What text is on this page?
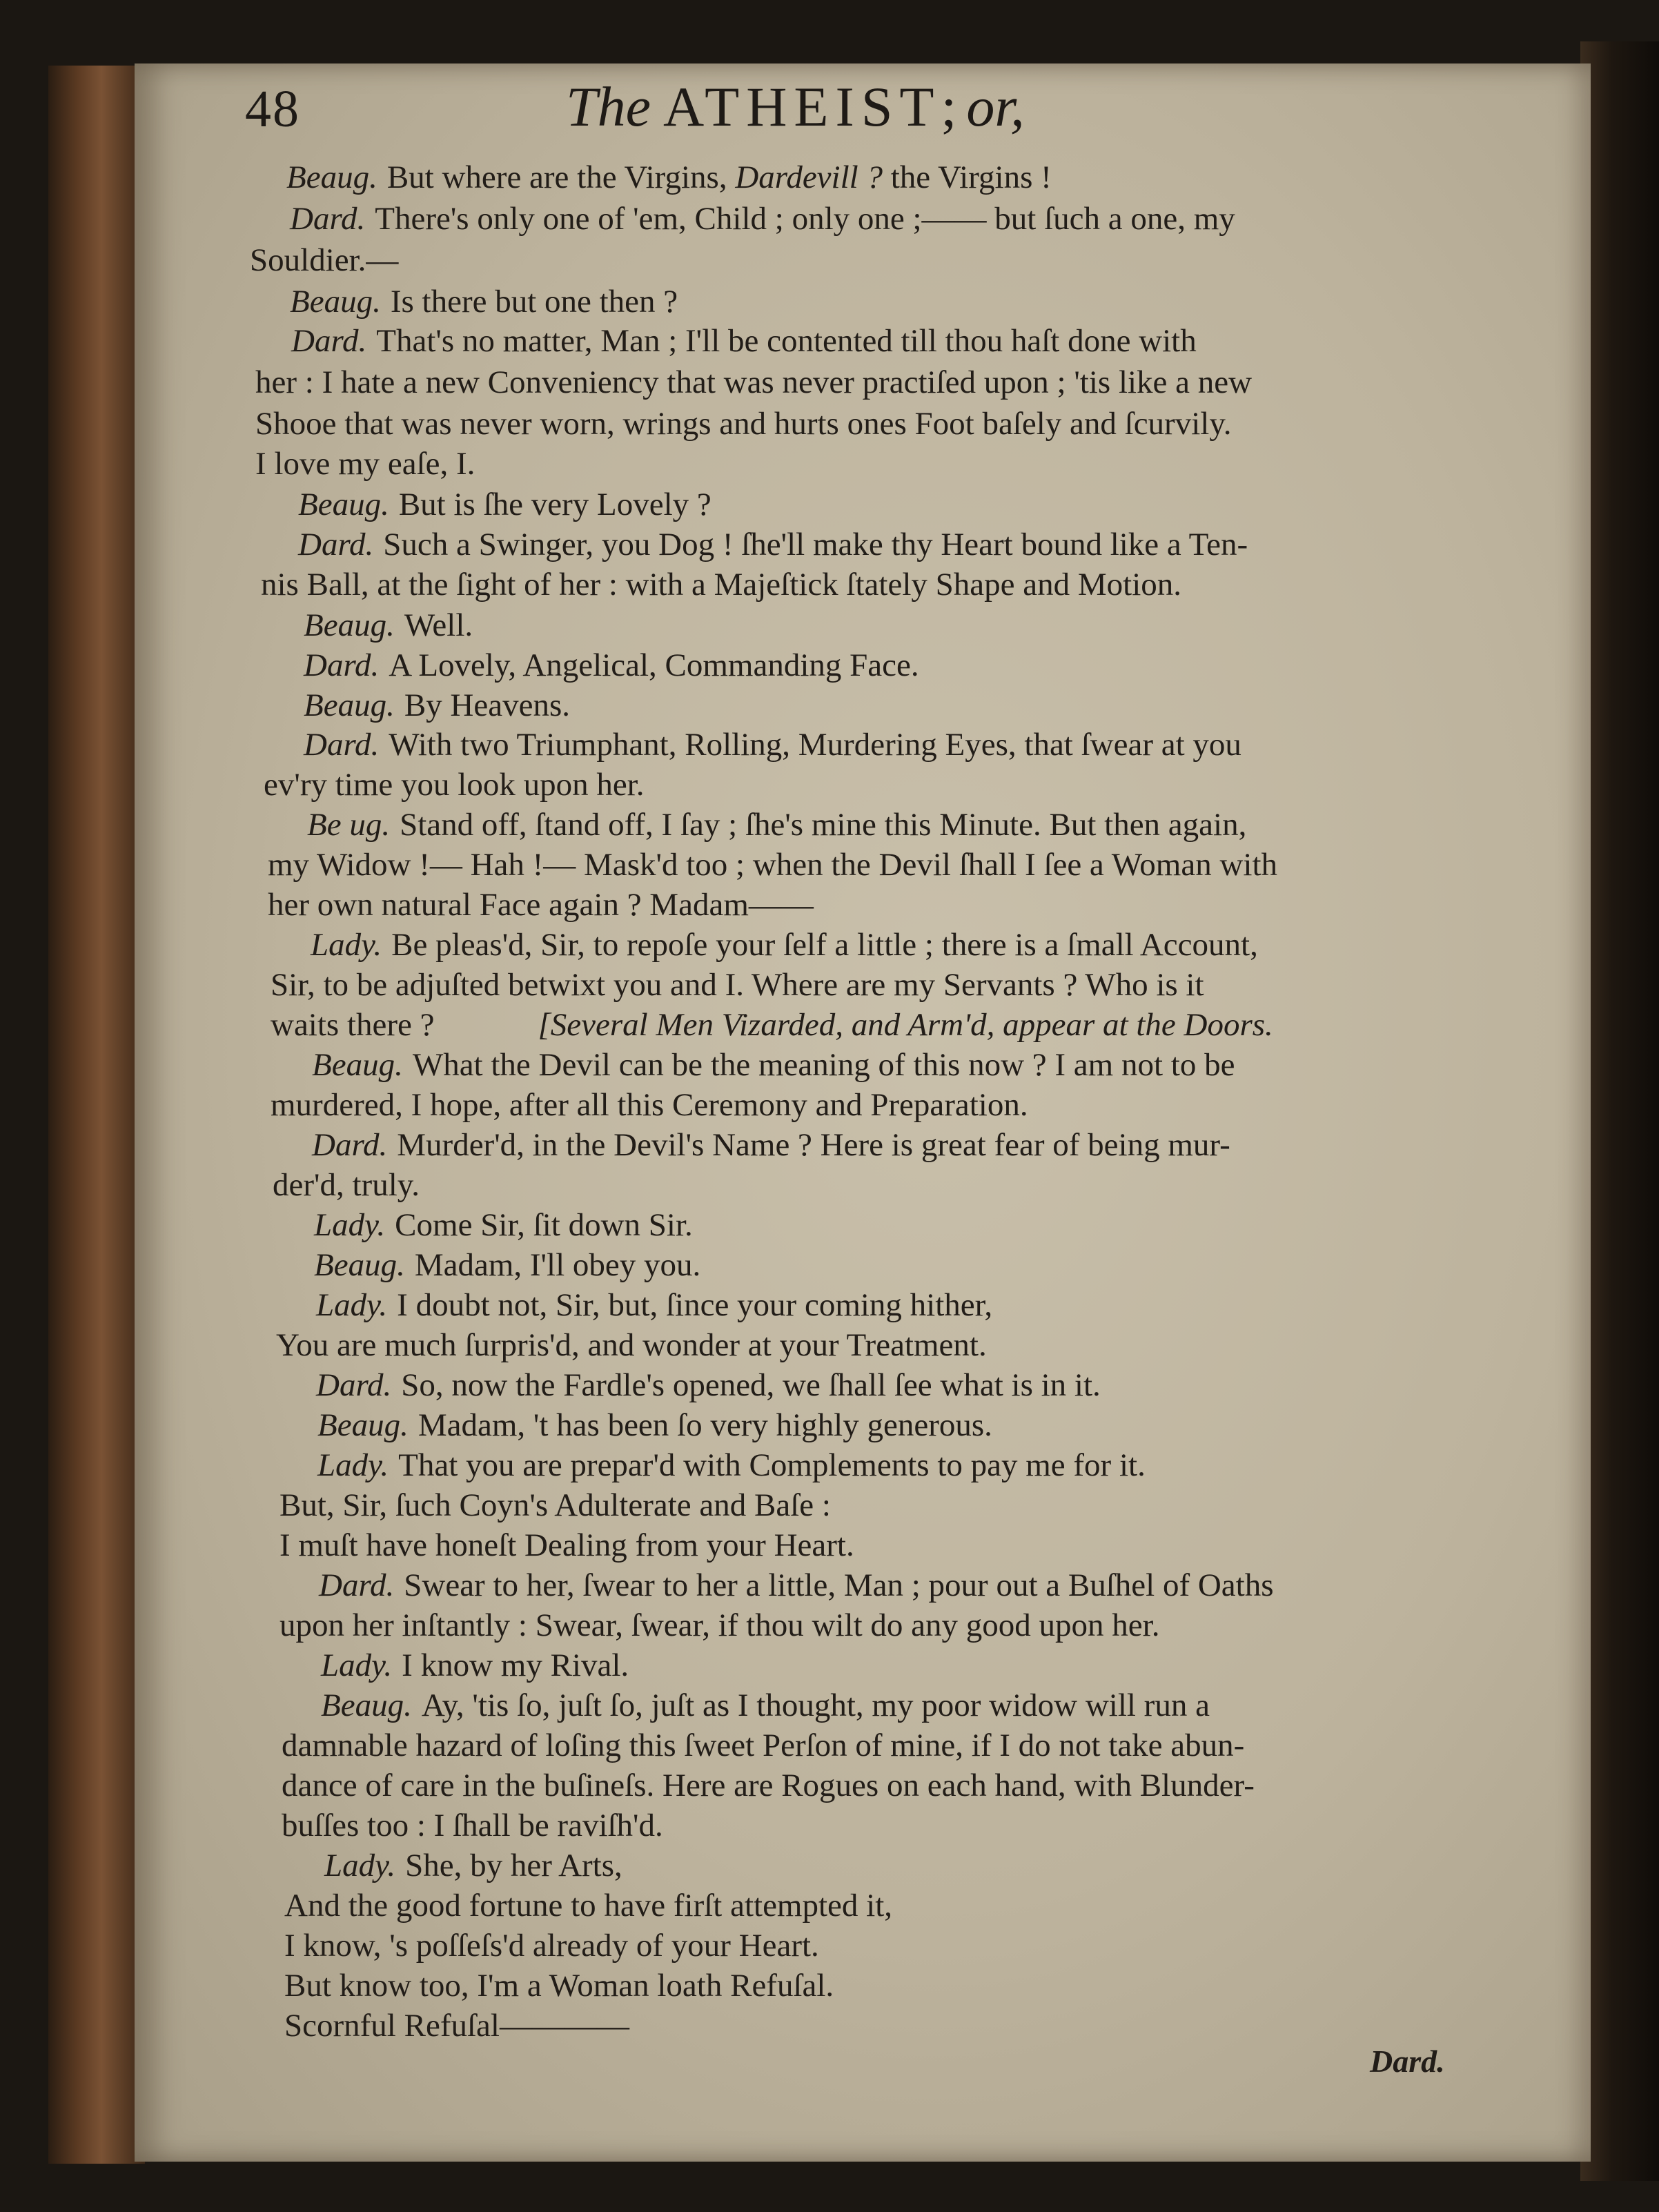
48	The ATHEIST; or,
Beaug. But where are the Virgins, Dardevill ? the Virgins !
Dard. There's only one of 'em, Child ; only one ;—— but ſuch a one, my
Souldier.—
Beaug. Is there but one then ?
Dard. That's no matter, Man ; I'll be contented till thou haſt done with
her : I hate a new Conveniency that was never practiſed upon ; 'tis like a new
Shooe that was never worn, wrings and hurts ones Foot baſely and ſcurvily.
I love my eaſe, I.
Beaug. But is ſhe very Lovely ?
Dard. Such a Swinger, you Dog ! ſhe'll make thy Heart bound like a Ten-
nis Ball, at the ſight of her : with a Majeſtick ſtately Shape and Motion.
Beaug. Well.
Dard. A Lovely, Angelical, Commanding Face.
Beaug. By Heavens.
Dard. With two Triumphant, Rolling, Murdering Eyes, that ſwear at you
ev'ry time you look upon her.
Be ug. Stand off, ſtand off, I ſay ; ſhe's mine this Minute. But then again,
my Widow !— Hah !— Mask'd too ; when the Devil ſhall I ſee a Woman with
her own natural Face again ? Madam——
Lady. Be pleas'd, Sir, to repoſe your ſelf a little ; there is a ſmall Account,
Sir, to be adjuſted betwixt you and I. Where are my Servants ? Who is it
waits there ?	[Several Men Vizarded, and Arm'd, appear at the Doors.
Beaug. What the Devil can be the meaning of this now ? I am not to be
murdered, I hope, after all this Ceremony and Preparation.
Dard. Murder'd, in the Devil's Name ? Here is great fear of being mur-
der'd, truly.
Lady. Come Sir, ſit down Sir.
Beaug. Madam, I'll obey you.
Lady. I doubt not, Sir, but, ſince your coming hither,
You are much ſurpris'd, and wonder at your Treatment.
Dard. So, now the Fardle's opened, we ſhall ſee what is in it.
Beaug. Madam, 't has been ſo very highly generous.
Lady. That you are prepar'd with Complements to pay me for it.
But, Sir, ſuch Coyn's Adulterate and Baſe :
I muſt have honeſt Dealing from your Heart.
Dard. Swear to her, ſwear to her a little, Man ; pour out a Buſhel of Oaths
upon her inſtantly : Swear, ſwear, if thou wilt do any good upon her.
Lady. I know my Rival.
Beaug. Ay, 'tis ſo, juſt ſo, juſt as I thought, my poor widow will run a
damnable hazard of loſing this ſweet Perſon of mine, if I do not take abun-
dance of care in the buſineſs. Here are Rogues on each hand, with Blunder-
buſſes too : I ſhall be raviſh'd.
Lady. She, by her Arts,
And the good fortune to have firſt attempted it,
I know, 's poſſeſs'd already of your Heart.
But know too, I'm a Woman loath Refuſal.
Scornful Refuſal————
Dard.
